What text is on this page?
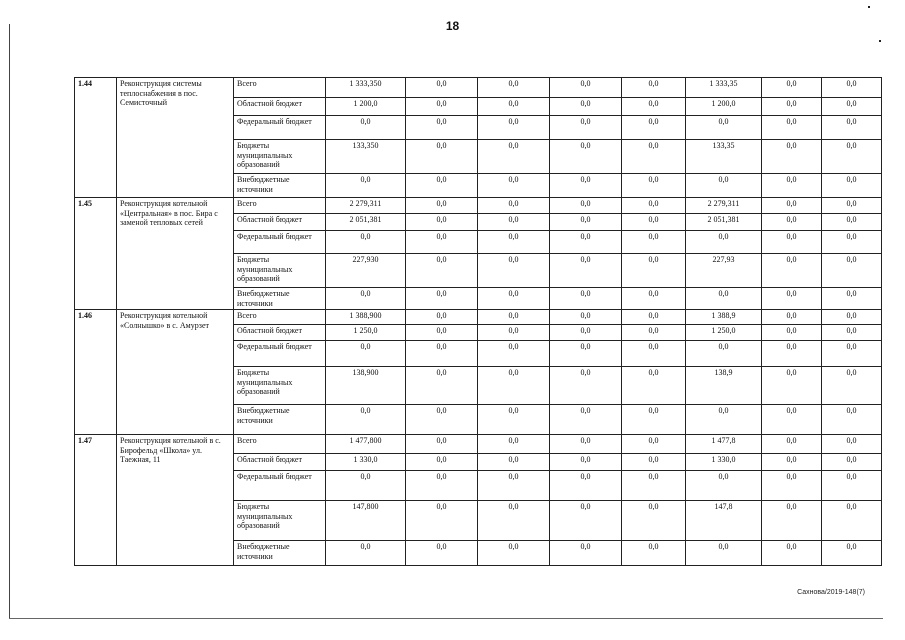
18
1.44	Реконструкция системы теплоснабжения в пос. Семисточный	Всего	1 333,350	0,0	0,0	0,0	0,0	1 333,35	0,0	0,0
		Областной бюджет	1 200,0	0,0	0,0	0,0	0,0	1 200,0	0,0	0,0
		Федеральный бюджет	0,0	0,0	0,0	0,0	0,0	0,0	0,0	0,0
		Бюджеты муниципальных образований	133,350	0,0	0,0	0,0	0,0	133,35	0,0	0,0
		Внебюджетные источники	0,0	0,0	0,0	0,0	0,0	0,0	0,0	0,0
1.45	Реконструкция котельной «Центральная» в пос. Бира с заменой тепловых сетей	Всего	2 279,311	0,0	0,0	0,0	0,0	2 279,311	0,0	0,0
		Областной бюджет	2 051,381	0,0	0,0	0,0	0,0	2 051,381	0,0	0,0
		Федеральный бюджет	0,0	0,0	0,0	0,0	0,0	0,0	0,0	0,0
		Бюджеты муниципальных образований	227,930	0,0	0,0	0,0	0,0	227,93	0,0	0,0
		Внебюджетные источники	0,0	0,0	0,0	0,0	0,0	0,0	0,0	0,0
1.46	Реконструкция котельной «Солнышко» в с. Амурзет	Всего	1 388,900	0,0	0,0	0,0	0,0	1 388,9	0,0	0,0
		Областной бюджет	1 250,0	0,0	0,0	0,0	0,0	1 250,0	0,0	0,0
		Федеральный бюджет	0,0	0,0	0,0	0,0	0,0	0,0	0,0	0,0
		Бюджеты муниципальных образований	138,900	0,0	0,0	0,0	0,0	138,9	0,0	0,0
		Внебюджетные источники	0,0	0,0	0,0	0,0	0,0	0,0	0,0	0,0
1.47	Реконструкция котельной в с. Бирофельд «Школа» ул. Таежная, 11	Всего	1 477,800	0,0	0,0	0,0	0,0	1 477,8	0,0	0,0
		Областной бюджет	1 330,0	0,0	0,0	0,0	0,0	1 330,0	0,0	0,0
		Федеральный бюджет	0,0	0,0	0,0	0,0	0,0	0,0	0,0	0,0
		Бюджеты муниципальных образований	147,800	0,0	0,0	0,0	0,0	147,8	0,0	0,0
		Внебюджетные источники	0,0	0,0	0,0	0,0	0,0	0,0	0,0	0,0
Сахнова/2019-148(7)
